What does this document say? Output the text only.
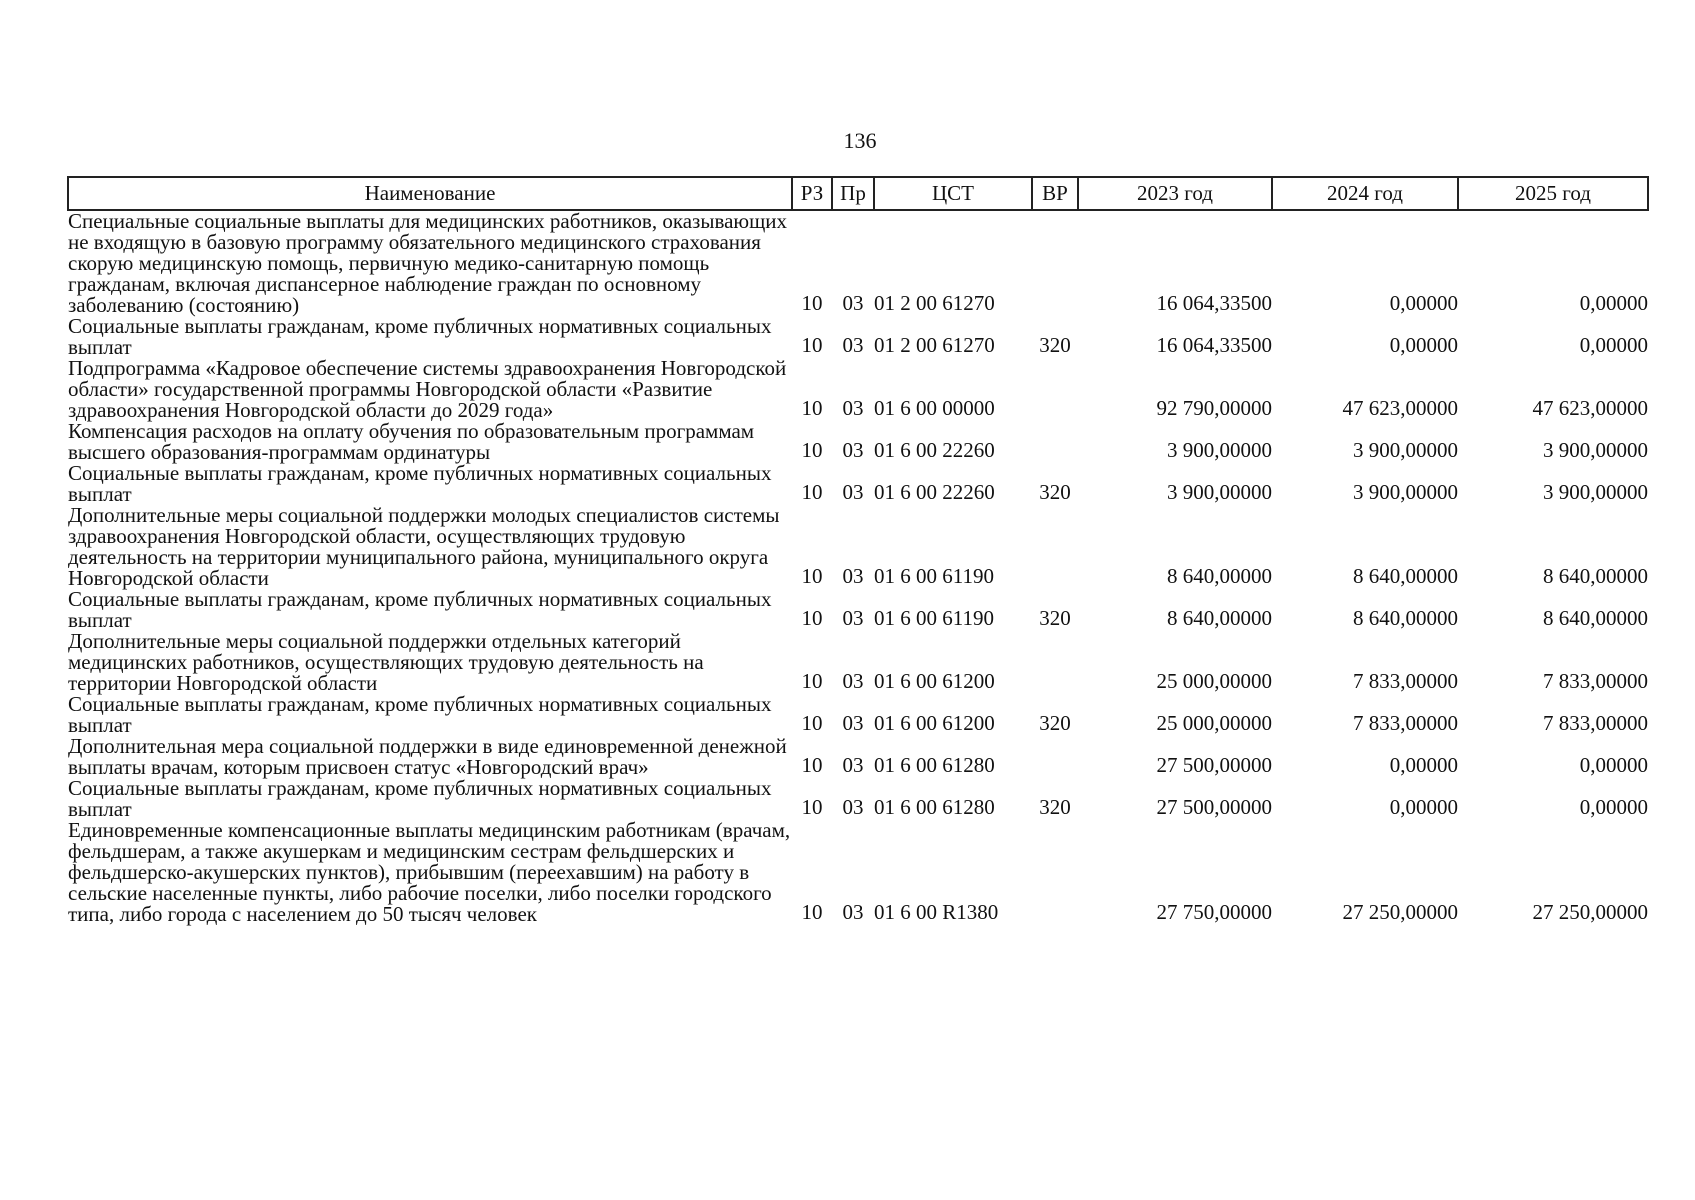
136
Наименование	РЗ	Пр	ЦСТ	ВР	2023 год	2024 год	2025 год
Специальные социальные выплаты для медицинских работников, оказывающих не входящую в базовую программу обязательного медицинского страхования скорую медицинскую помощь, первичную медико-санитарную помощь гражданам, включая диспансерное наблюдение граждан по основному заболеванию (состоянию)	10	03	01 2 00 61270		16 064,33500	0,00000	0,00000
Социальные выплаты гражданам, кроме публичных нормативных социальных выплат	10	03	01 2 00 61270	320	16 064,33500	0,00000	0,00000
Подпрограмма «Кадровое обеспечение системы здравоохранения Новгородской области» государственной программы Новгородской области «Развитие здравоохранения Новгородской области до 2029 года»	10	03	01 6 00 00000		92 790,00000	47 623,00000	47 623,00000
Компенсация расходов на оплату обучения по образовательным программам высшего образования-программам ординатуры	10	03	01 6 00 22260		3 900,00000	3 900,00000	3 900,00000
Социальные выплаты гражданам, кроме публичных нормативных социальных выплат	10	03	01 6 00 22260	320	3 900,00000	3 900,00000	3 900,00000
Дополнительные меры социальной поддержки молодых специалистов системы здравоохранения Новгородской области, осуществляющих трудовую деятельность на территории муниципального района, муниципального округа Новгородской области	10	03	01 6 00 61190		8 640,00000	8 640,00000	8 640,00000
Социальные выплаты гражданам, кроме публичных нормативных социальных выплат	10	03	01 6 00 61190	320	8 640,00000	8 640,00000	8 640,00000
Дополнительные меры социальной поддержки отдельных категорий медицинских работников, осуществляющих трудовую деятельность на территории Новгородской области	10	03	01 6 00 61200		25 000,00000	7 833,00000	7 833,00000
Социальные выплаты гражданам, кроме публичных нормативных социальных выплат	10	03	01 6 00 61200	320	25 000,00000	7 833,00000	7 833,00000
Дополнительная мера социальной поддержки в виде единовременной денежной выплаты врачам, которым присвоен статус «Новгородский врач»	10	03	01 6 00 61280		27 500,00000	0,00000	0,00000
Социальные выплаты гражданам, кроме публичных нормативных социальных выплат	10	03	01 6 00 61280	320	27 500,00000	0,00000	0,00000
Единовременные компенсационные выплаты медицинским работникам (врачам, фельдшерам, а также акушеркам и медицинским сестрам фельдшерских и фельдшерско-акушерских пунктов), прибывшим (переехавшим) на работу в сельские населенные пункты, либо рабочие поселки, либо поселки городского типа, либо города с населением до 50 тысяч человек	10	03	01 6 00 R1380		27 750,00000	27 250,00000	27 250,00000
